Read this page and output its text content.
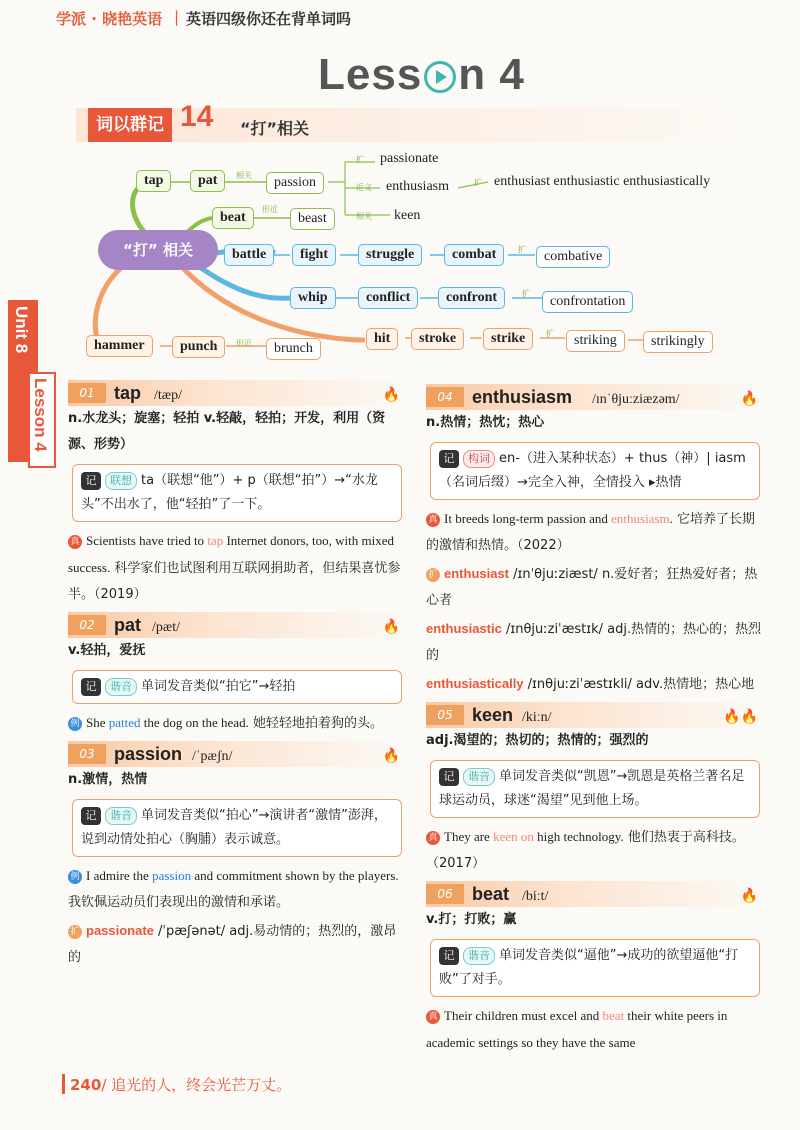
学派 · 晓艳英语 | 英语四级你还在背单词吗
Less n 4
词以群记 14 “打”相关
“打” 相关
tap	pat	相关	passion
扩 passionate
近义 enthusiasm	扩 enthusiast enthusiastic enthusiastically
相关 keen
beat
形近
beast
battle	fight	struggle	combat	扩	combative
whip	conflict	confront	扩
confrontation
hit	stroke	strike	扩	striking	strikingly
hammer	punch	形近	brunch
Unit 8
Lesson 4	01	tap /tæp/	🔥
n.水龙头；旋塞；轻拍 v.轻敲，轻拍；开发，利用（资源、形势）
记 联想 ta（联想“他”）+ p（联想“拍”）→“水龙头”不出水了，他“轻拍”了一下。
真 Scientists have tried to tap Internet donors, too, with mixed success. 科学家们也试图利用互联网捐助者，但结果喜忧参半。（2019）
02	pat /pæt/	🔥
v.轻拍，爱抚
记 谐音 单词发音类似“拍它”→轻拍
例 She patted the dog on the head. 她轻轻地拍着狗的头。
03	passion /ˈpæʃn/	🔥
n.激情，热情
记 谐音 单词发音类似“拍心”→演讲者“激情”澎湃，说到动情处拍心（胸脯）表示诚意。
例 I admire the passion and commitment shown by the players. 我钦佩运动员们表现出的激情和承诺。
扩 passionate /ˈpæʃənət/ adj.易动情的；热烈的，激昂的
04	enthusiasm /ɪnˈθjuːziæzəm/	🔥
n.热情；热忱；热心
记 构词 en-（进入某种状态）+ thus（神）| iasm（名词后缀）→完全入神，全情投入 ▸热情
真 It breeds long-term passion and enthusiasm. 它培养了长期的激情和热情。（2022）
扩 enthusiast /ɪnˈθjuːziæst/ n.爱好者；狂热爱好者；热心者
enthusiastic /ɪnθjuːziˈæstɪk/ adj.热情的；热心的；热烈的
enthusiastically /ɪnθjuːziˈæstɪkli/ adv.热情地；热心地
05	keen /kiːn/	🔥🔥
adj.渴望的；热切的；热情的；强烈的
记 谐音 单词发音类似“凯恩”→凯恩是英格兰著名足球运动员，球迷“渴望”见到他上场。
真 They are keen on high technology. 他们热衷于高科技。（2017）
06	beat /biːt/	🔥
v.打；打败；赢
记 谐音 单词发音类似“逼他”→成功的欲望逼他“打败”了对手。
真 Their children must excel and beat their white peers in academic settings so they have the same
240/ 追光的人，终会光芒万丈。
